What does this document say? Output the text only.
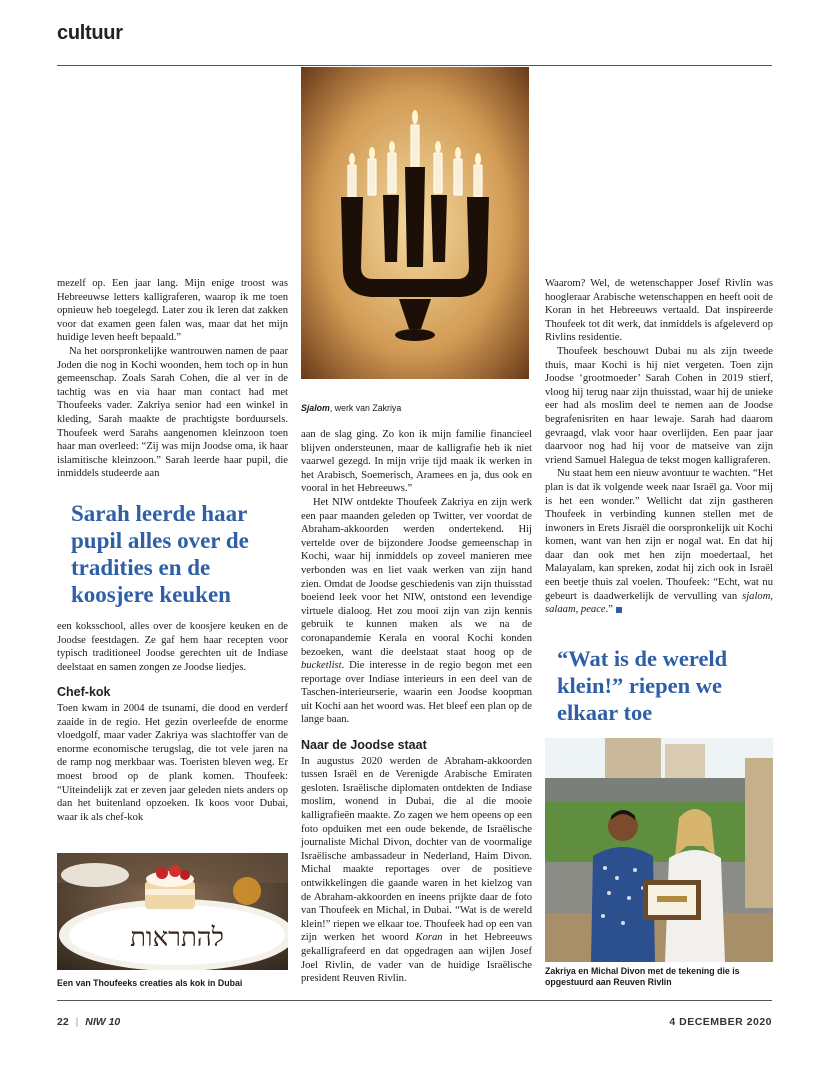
cultuur

mezelf op. Een jaar lang. Mijn enige troost was Hebreeuwse letters kalligraferen, waarop ik me toen opnieuw heb toegelegd. Later zou ik leren dat zakken voor dat examen geen falen was, maar dat het mijn huidige leven heeft bepaald.”

Na het oorspronkelijke wantrouwen namen de paar Joden die nog in Kochi woonden, hem toch op in hun gemeenschap. Zoals Sarah Cohen, die al ver in de tachtig was en via haar man contact had met Thoufeeks vader. Zakriya senior had een winkel in kleding, Sarah maakte de prachtigste borduursels. Thoufeek werd Sarahs aangenomen kleinzoon toen haar man overleed: “Zij was mijn Joodse oma, ik haar islamitische kleinzoon.” Sarah leerde haar pupil, die inmiddels studeerde aan

Sarah leerde haar pupil alles over de tradities en de koosjere keuken

een koksschool, alles over de koosjere keuken en de Joodse feestdagen. Ze gaf hem haar recepten voor typisch traditioneel Joodse gerechten uit de Indiase deelstaat en samen zongen ze Joodse liedjes.

Chef-kok

Toen kwam in 2004 de tsunami, die dood en verderf zaaide in de regio. Het gezin overleefde de enorme vloedgolf, maar vader Zakriya was slachtoffer van de enorme economische terugslag, die tot vele jaren na de ramp nog merkbaar was. Toeristen bleven weg. Er moest brood op de plank komen. Thoufeek: “Uiteindelijk zat er zeven jaar geleden niets anders op dan het buitenland opzoeken. Ik koos voor Dubai, waar ik als chef-kok

להתראות
Een van Thoufeeks creaties als kok in Dubai
Sjalom, werk van Zakriya

aan de slag ging. Zo kon ik mijn familie financieel blijven ondersteunen, maar de kalligrafie heb ik niet vaarwel gezegd. In mijn vrije tijd maak ik werken in het Arabisch, Soemerisch, Aramees en ja, dus ook en vooral in het Hebreeuws.”

Het NIW ontdekte Thoufeek Zakriya en zijn werk een paar maanden geleden op Twitter, ver voordat de Abraham-akkoorden werden ondertekend. Hij vertelde over de bijzondere Joodse gemeenschap in Kochi, waar hij inmiddels op zoveel manieren mee verbonden was en liet vaak werken van zijn hand zien. Omdat de Joodse geschiedenis van zijn thuisstad boeiend leek voor het NIW, ontstond een levendige virtuele dialoog. Het zou mooi zijn van zijn kennis gebruik te kunnen maken als we na de coronapandemie Kerala en vooral Kochi konden bezoeken, want die deelstaat staat hoog op de bucketlist. Die interesse in de regio begon met een reportage over Indiase interieurs in een deel van de Taschen-interieurserie, waarin een Joodse koopman uit Kochi aan het woord was. Het bleef een plan op de lange baan.

Naar de Joodse staat

In augustus 2020 werden de Abraham-akkoorden tussen Israël en de Verenigde Arabische Emiraten gesloten. Israëlische diplomaten ontdekten de Indiase moslim, wonend in Dubai, die al die mooie kalligrafieën maakte. Zo zagen we hem opeens op een foto opduiken met een oude bekende, de Israëlische journaliste Michal Divon, dochter van de voormalige Israëlische ambassadeur in Nederland, Haim Divon. Michal maakte reportages over de positieve ontwikkelingen die gaande waren in het kielzog van de Abraham-akkoorden en ineens prijkte daar de foto van Thoufeek en Michal, in Dubai. “Wat is de wereld klein!” riepen we elkaar toe. Thoufeek had op een van zijn werken het woord Koran in het Hebreeuws gekalligrafeerd en dat opgedragen aan wijlen Josef Joel Rivlin, de vader van de huidige Israëlische president Reuven Rivlin.

Waarom? Wel, de wetenschapper Josef Rivlin was hoogleraar Arabische wetenschappen en heeft ooit de Koran in het Hebreeuws vertaald. Dat inspireerde Thoufeek tot dit werk, dat inmiddels is afgeleverd op Rivlins residentie.

Thoufeek beschouwt Dubai nu als zijn tweede thuis, maar Kochi is hij niet vergeten. Toen zijn Joodse ‘grootmoeder’ Sarah Cohen in 2019 stierf, vloog hij terug naar zijn thuisstad, waar hij de unieke eer had als moslim deel te nemen aan de Joodse begrafenisriten en haar lewaje. Sarah had daarom gevraagd, vlak voor haar overlijden. Een paar jaar daarvoor nog had hij voor de matseive van zijn vriend Samuel Halegua de tekst mogen kalligraferen.

Nu staat hem een nieuw avontuur te wachten. “Het plan is dat ik volgende week naar Israël ga. Voor mij is het een wonder.” Wellicht dat zijn gastheren Thoufeek in verbinding kunnen stellen met de inwoners in Erets Jisraël die oorspronkelijk uit Kochi komen, want van hen zijn er nogal wat. En dat hij daar dan ook met hen zijn moedertaal, het Malayalam, kan spreken, zodat hij zich ook in Israël een beetje thuis zal voelen. Thoufeek: “Echt, wat nu gebeurt is daadwerkelijk de vervulling van sjalom, salaam, peace.”

“Wat is de wereld klein!” riepen we elkaar toe
Zakriya en Michal Divon met de tekening die is opgestuurd aan Reuven Rivlin
22 | NIW 10	4 DECEMBER 2020
